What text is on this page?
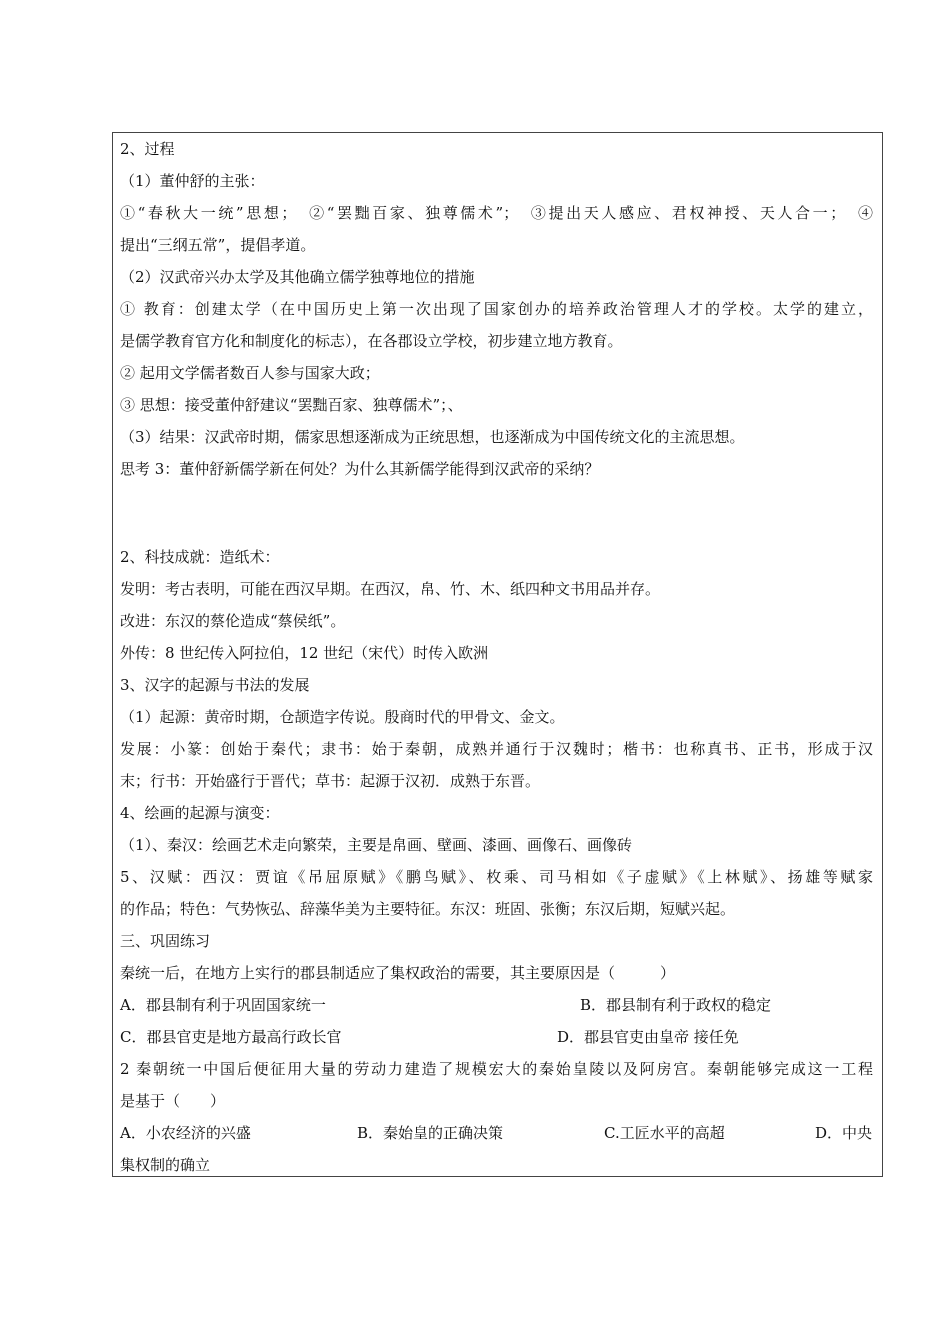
2、过程
（1）董仲舒的主张：
①“春秋大一统”思想；　②“罢黜百家、独尊儒术”；　③提出天人感应、君权神授、天人合一；　④
提出“三纲五常”，提倡孝道。
（2）汉武帝兴办太学及其他确立儒学独尊地位的措施
① 教育：创建太学（在中国历史上第一次出现了国家创办的培养政治管理人才的学校。太学的建立，
是儒学教育官方化和制度化的标志），在各郡设立学校，初步建立地方教育。
② 起用文学儒者数百人参与国家大政；
③ 思想：接受董仲舒建议“罢黜百家、独尊儒术”；、
（3）结果：汉武帝时期，儒家思想逐渐成为正统思想，也逐渐成为中国传统文化的主流思想。
思考 3：董仲舒新儒学新在何处？为什么其新儒学能得到汉武帝的采纳？
2、科技成就：造纸术：
发明：考古表明，可能在西汉早期。在西汉，帛、竹、木、纸四种文书用品并存。
改进：东汉的蔡伦造成“蔡侯纸”。
外传：8 世纪传入阿拉伯，12 世纪（宋代）时传入欧洲
3、汉字的起源与书法的发展
（1）起源：黄帝时期，仓颉造字传说。殷商时代的甲骨文、金文。
发展：小篆：创始于秦代；隶书：始于秦朝，成熟并通行于汉魏时；楷书：也称真书、正书，形成于汉
末；行书：开始盛行于晋代；草书：起源于汉初．成熟于东晋。
4、绘画的起源与演变：
（1）、秦汉：绘画艺术走向繁荣，主要是帛画、壁画、漆画、画像石、画像砖
5、汉赋：西汉：贾谊《吊屈原赋》《鹏鸟赋》、枚乘、司马相如《子虚赋》《上林赋》、扬雄等赋家
的作品；特色：气势恢弘、辞藻华美为主要特征。东汉：班固、张衡；东汉后期，短赋兴起。
三、巩固练习
秦统一后，在地方上实行的郡县制适应了集权政治的需要，其主要原因是（　　　）
A．郡县制有利于巩固国家统一	B．郡县制有利于政权的稳定
C．郡县官吏是地方最高行政长官	D．郡县官吏由皇帝 接任免
2 秦朝统一中国后便征用大量的劳动力建造了规模宏大的秦始皇陵以及阿房宫。秦朝能够完成这一工程
是基于（　　）
A．小农经济的兴盛	B．秦始皇的正确决策	C.工匠水平的高超	D．中央
集权制的确立
